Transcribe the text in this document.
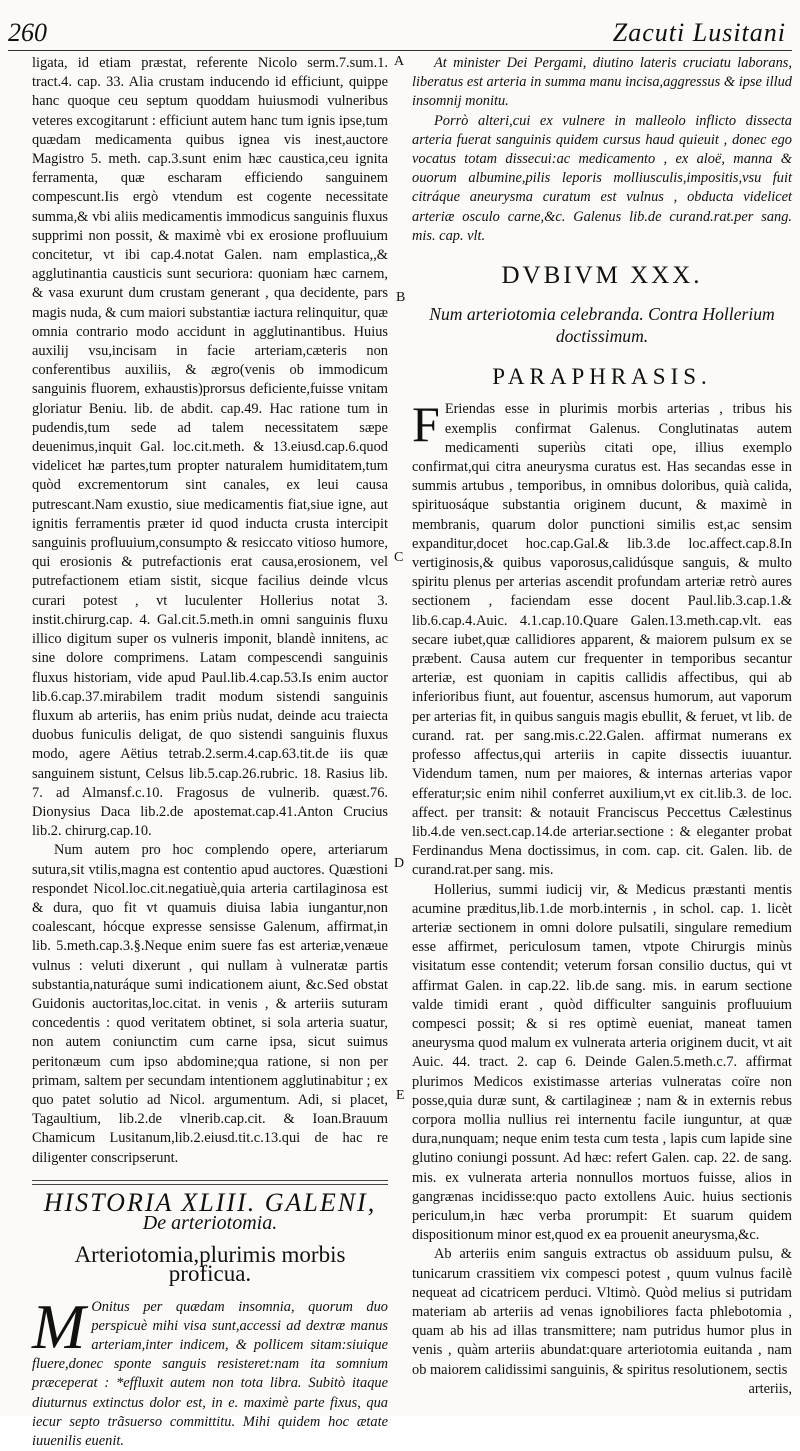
260	Zacuti Lusitani
A
B
C
D
E

ligata, id etiam præstat, referente Nicolo serm.7.sum.1. tract.4. cap. 33. Alia crustam inducendo id efficiunt, quippe hanc quoque ceu septum quoddam huiusmodi vulneribus veteres excogitarunt : efficiunt autem hanc tum ignis ipse,tum quædam medicamenta quibus ignea vis inest,auctore Magistro 5. meth. cap.3.sunt enim hæc caustica,ceu ignita ferramenta, quæ escharam efficiendo sanguinem compescunt.Iis ergò vtendum est cogente necessitate summa,& vbi aliis medicamentis immodicus sanguinis fluxus supprimi non possit, & maximè vbi ex erosione profluuium concitetur, vt ibi cap.4.notat Galen. nam emplastica,,& agglutinantia causticis sunt securiora: quoniam hæc carnem, & vasa exurunt dum crustam generant , qua decidente, pars magis nuda, & cum maiori substantiæ iactura relinquitur, quæ omnia contrario modo accidunt in agglutinantibus. Huius auxilij vsu,incisam in facie arteriam,cæteris non conferentibus auxiliis, & ægro(venis ob immodicum sanguinis fluorem, exhaustis)prorsus deficiente,fuisse vnitam gloriatur Beniu. lib. de abdit. cap.49. Hac ratione tum in pudendis,tum sede ad talem necessitatem sæpe deuenimus,inquit Gal. loc.cit.meth. & 13.eiusd.cap.6.quod videlicet hæ partes,tum propter naturalem humiditatem,tum quòd excrementorum sint canales, ex leui causa putrescant.Nam exustio, siue medicamentis fiat,siue igne, aut ignitis ferramentis præter id quod inducta crusta intercipit sanguinis profluuium,consumpto & resiccato vitioso humore, qui erosionis & putrefactionis erat causa,erosionem, vel putrefactionem etiam sistit, sicque facilius deinde vlcus curari potest , vt luculenter Hollerius notat 3. instit.chirurg.cap. 4. Gal.cit.5.meth.in omni sanguinis fluxu illico digitum super os vulneris imponit, blandè innitens, ac sine dolore comprimens. Latam compescendi sanguinis fluxus historiam, vide apud Paul.lib.4.cap.53.Is enim auctor lib.6.cap.37.mirabilem tradit modum sistendi sanguinis fluxum ab arteriis, has enim priùs nudat, deinde acu traiecta duobus funiculis deligat, de quo sistendi sanguinis fluxus modo, agere Aëtius tetrab.2.serm.4.cap.63.tit.de iis quæ sanguinem sistunt, Celsus lib.5.cap.26.rubric. 18. Rasius lib. 7. ad Almansf.c.10. Fragosus de vulnerib. quæst.76. Dionysius Daca lib.2.de apostemat.cap.41.Anton Crucius lib.2. chirurg.cap.10.

Num autem pro hoc complendo opere, arteriarum sutura,sit vtilis,magna est contentio apud auctores. Quæstioni respondet Nicol.loc.cit.negatiuè,quia arteria cartilaginosa est & dura, quo fit vt quamuis diuisa labia iungantur,non coalescant, hócque expresse sensisse Galenum, affirmat,in lib. 5.meth.cap.3.§.Neque enim suere fas est arteriæ,venæue vulnus : veluti dixerunt , qui nullam à vulneratæ partis substantia,naturáque sumi indicationem aiunt, &c.Sed obstat Guidonis auctoritas,loc.citat. in venis , & arteriis suturam concedentis : quod veritatem obtinet, si sola arteria suatur, non autem coniunctim cum carne ipsa, sicut suimus peritonæum cum ipso abdomine;qua ratione, si non per primam, saltem per secundam intentionem agglutinabitur ; ex quo patet solutio ad Nicol. argumentum. Adi, si placet, Tagaultium, lib.2.de vlnerib.cap.cit. & Ioan.Brauum Chamicum Lusitanum,lib.2.eiusd.tit.c.13.qui de hac re diligenter conscripserunt.

HISTORIA XLIII. GALENI,
De arteriotomia.
Arteriotomia,plurimis morbis proficua.

M Onitus per quædam insomnia, quorum duo perspicuè mihi visa sunt,accessi ad dextræ manus arteriam,inter indicem, & pollicem sitam:siuique fluere,donec sponte sanguis resisteret:nam ita somnium præceperat : *effluxit autem non tota libra. Subitò itaque diuturnus extinctus dolor est, in e. maximè parte fixus, qua iecur septo trãsuerso committitu. Mihi quidem hoc ætate iuuenilis euenit.

At minister Dei Pergami, diutino lateris cruciatu laborans, liberatus est arteria in summa manu incisa,aggressus & ipse illud insomnij monitu.

Porrò alteri,cui ex vulnere in malleolo inflicto dissecta arteria fuerat sanguinis quidem cursus haud quieuit , donec ego vocatus totam dissecui:ac medicamento , ex aloë, manna & ouorum albumine,pilis leporis molliusculis,impositis,vsu fuit citráque aneurysma curatum est vulnus , obducta videlicet arteriæ osculo carne,&c. Galenus lib.de curand.rat.per sang. mis. cap. vlt.

DVBIVM XXX.
Num arteriotomia celebranda. Contra Hollerium doctissimum.
PARAPHRASIS.

F Eriendas esse in plurimis morbis arterias , tribus his exemplis confirmat Galenus. Conglutinatas autem medicamenti superiùs citati ope, illius exemplo confirmat,qui citra aneurysma curatus est. Has secandas esse in summis artubus , temporibus, in omnibus doloribus, quià calida, spirituosáque substantia originem ducunt, & maximè in membranis, quarum dolor punctioni similis est,ac sensim expanditur,docet hoc.cap.Gal.& lib.3.de loc.affect.cap.8.In vertiginosis,& quibus vaporosus,calidúsque sanguis, & multo spiritu plenus per arterias ascendit profundam arteriæ retrò aures sectionem , faciendam esse docent Paul.lib.3.cap.1.& lib.6.cap.4.Auic. 4.1.cap.10.Quare Galen.13.meth.cap.vlt. eas secare iubet,quæ callidiores apparent, & maiorem pulsum ex se præbent. Causa autem cur frequenter in temporibus secantur arteriæ, est quoniam in capitis callidis affectibus, qui ab inferioribus fiunt, aut fouentur, ascensus humorum, aut vaporum per arterias fit, in quibus sanguis magis ebullit, & feruet, vt lib. de curand. rat. per sang.mis.c.22.Galen. affirmat numerans ex professo affectus,qui arteriis in capite dissectis iuuantur. Videndum tamen, num per maiores, & internas arterias vapor efferatur;sic enim nihil conferret auxilium,vt ex cit.lib.3. de loc. affect. per transit: & notauit Franciscus Peccettus Cælestinus lib.4.de ven.sect.cap.14.de arteriar.sectione : & eleganter probat Ferdinandus Mena doctissimus, in com. cap. cit. Galen. lib. de curand.rat.per sang. mis.

Hollerius, summi iudicij vir, & Medicus præstanti mentis acumine præditus,lib.1.de morb.internis , in schol. cap. 1. licèt arteriæ sectionem in omni dolore pulsatili, singulare remedium esse affirmet, periculosum tamen, vtpote Chirurgis minùs visitatum esse contendit; veterum forsan consilio ductus, qui vt affirmat Galen. in cap.22. lib.de sang. mis. in earum sectione valde timidi erant , quòd difficulter sanguinis profluuium compesci possit; & si res optimè eueniat, maneat tamen aneurysma quod malum ex vulnerata arteria originem ducit, vt ait Auic. 44. tract. 2. cap 6. Deinde Galen.5.meth.c.7. affirmat plurimos Medicos existimasse arterias vulneratas coïre non posse,quia duræ sunt, & cartilagineæ ; nam & in externis rebus corpora mollia nullius rei internentu facile iunguntur, at quæ dura,nunquam; neque enim testa cum testa , lapis cum lapide sine glutino coniungi possunt. Ad hæc: refert Galen. cap. 22. de sang. mis. ex vulnerata arteria nonnullos mortuos fuisse, alios in gangrænas incidisse:quo pacto extollens Auic. huius sectionis periculum,in hæc verba prorumpit: Et suarum quidem dispositionum minor est,quod ex ea prouenit aneurysma,&c.

Ab arteriis enim sanguis extractus ob assiduum pulsu, & tunicarum crassitiem vix compesci potest , quum vulnus facilè nequeat ad cicatricem perduci. Vltimò. Quòd melius si putridam materiam ab arteriis ad venas ignobiliores facta phlebotomia , quam ab his ad illas transmittere; nam putridus humor plus in venis , quàm arteriis abundat:quare arteriotomia euitanda , nam ob maiorem calidissimi sanguinis, & spiritus resolutionem, sectis

arteriis,
